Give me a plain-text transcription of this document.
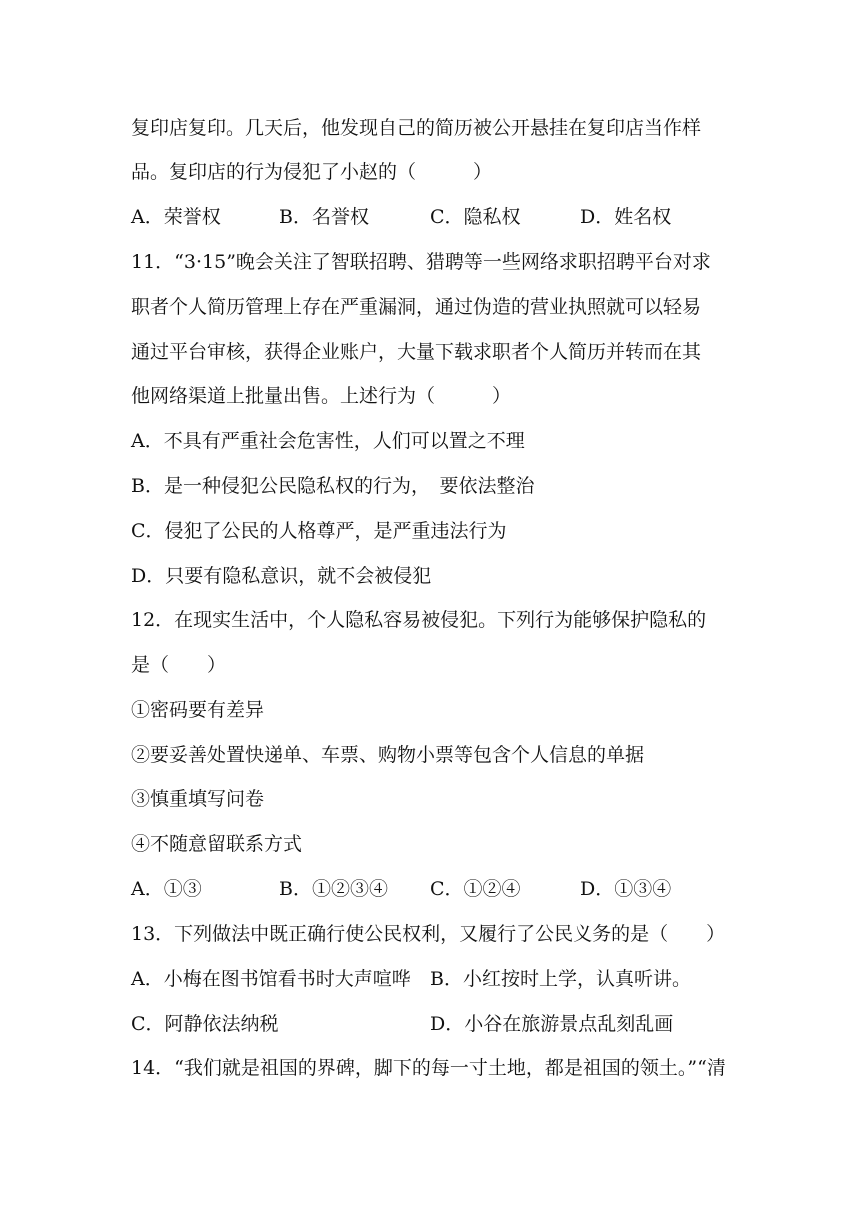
复印店复印。几天后，他发现自己的简历被公开悬挂在复印店当作样
品。复印店的行为侵犯了小赵的（　　　）
A．荣誉权	B．名誉权	C．隐私权	D．姓名权
11．“3·15”晚会关注了智联招聘、猎聘等一些网络求职招聘平台对求
职者个人简历管理上存在严重漏洞，通过伪造的营业执照就可以轻易
通过平台审核，获得企业账户，大量下载求职者个人简历并转而在其
他网络渠道上批量出售。上述行为（　　　）
A．不具有严重社会危害性，人们可以置之不理
B．是一种侵犯公民隐私权的行为，　要依法整治
C．侵犯了公民的人格尊严，是严重违法行为
D．只要有隐私意识，就不会被侵犯
12．在现实生活中，个人隐私容易被侵犯。下列行为能够保护隐私的
是（　　）
①密码要有差异
②要妥善处置快递单、车票、购物小票等包含个人信息的单据
③慎重填写问卷
④不随意留联系方式
A．①③	B．①②③④ C．①②④	D．①③④
13．下列做法中既正确行使公民权利，又履行了公民义务的是（　　）
A．小梅在图书馆看书时大声喧哗 B．小红按时上学，认真听讲。
C．阿静依法纳税	D．小谷在旅游景点乱刻乱画
14．“我们就是祖国的界碑，脚下的每一寸土地，都是祖国的领土。”“清
